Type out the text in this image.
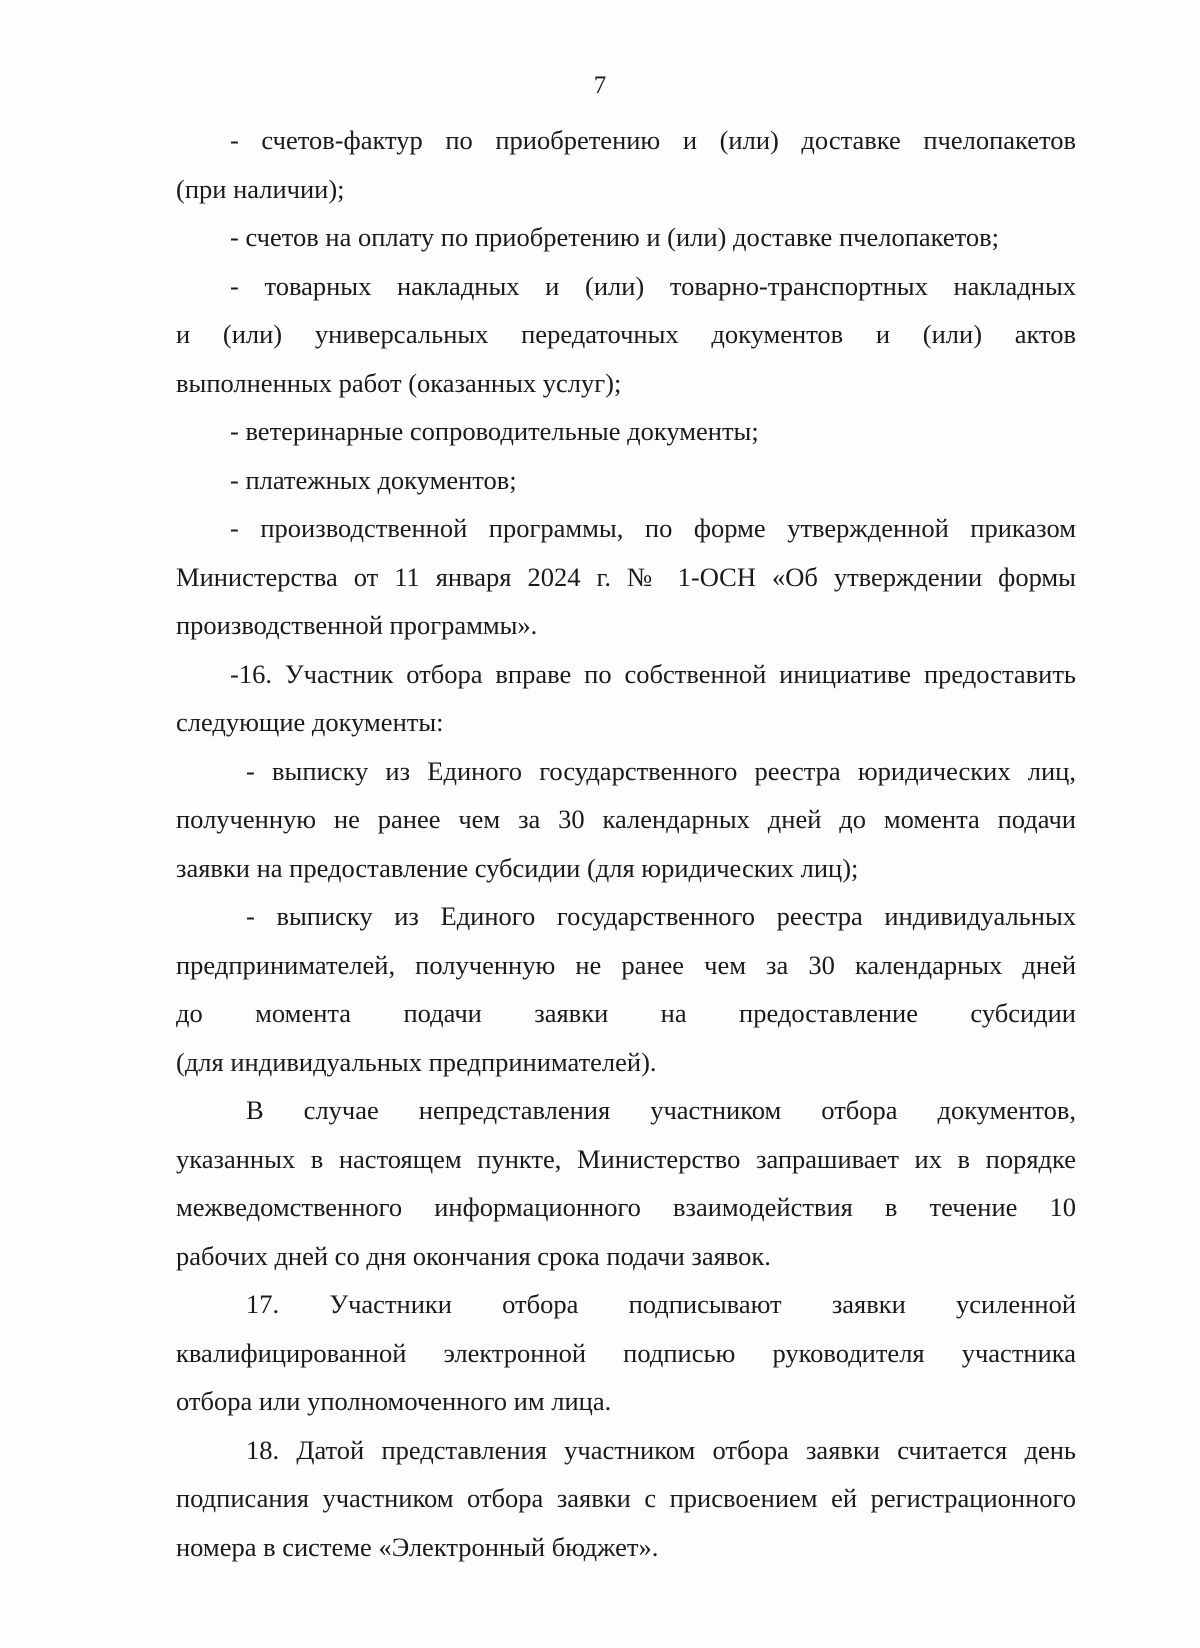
7
- счетов-фактур по приобретению и (или) доставке пчелопакетов
(при наличии);
- счетов на оплату по приобретению и (или) доставке пчелопакетов;
- товарных накладных и (или) товарно-транспортных накладных
и (или) универсальных передаточных документов и (или) актов
выполненных работ (оказанных услуг);
- ветеринарные сопроводительные документы;
- платежных документов;
- производственной программы, по форме утвержденной приказом
Министерства от 11 января 2024 г. № 1-ОСН «Об утверждении формы
производственной программы».
-16. Участник отбора вправе по собственной инициативе предоставить
следующие документы:
- выписку из Единого государственного реестра юридических лиц,
полученную не ранее чем за 30 календарных дней до момента подачи
заявки на предоставление субсидии (для юридических лиц);
- выписку из Единого государственного реестра индивидуальных
предпринимателей, полученную не ранее чем за 30 календарных дней
до момента подачи заявки на предоставление субсидии
(для индивидуальных предпринимателей).
В случае непредставления участником отбора документов,
указанных в настоящем пункте, Министерство запрашивает их в порядке
межведомственного информационного взаимодействия в течение 10
рабочих дней со дня окончания срока подачи заявок.
17. Участники отбора подписывают заявки усиленной
квалифицированной электронной подписью руководителя участника
отбора или уполномоченного им лица.
18. Датой представления участником отбора заявки считается день
подписания участником отбора заявки с присвоением ей регистрационного
номера в системе «Электронный бюджет».
